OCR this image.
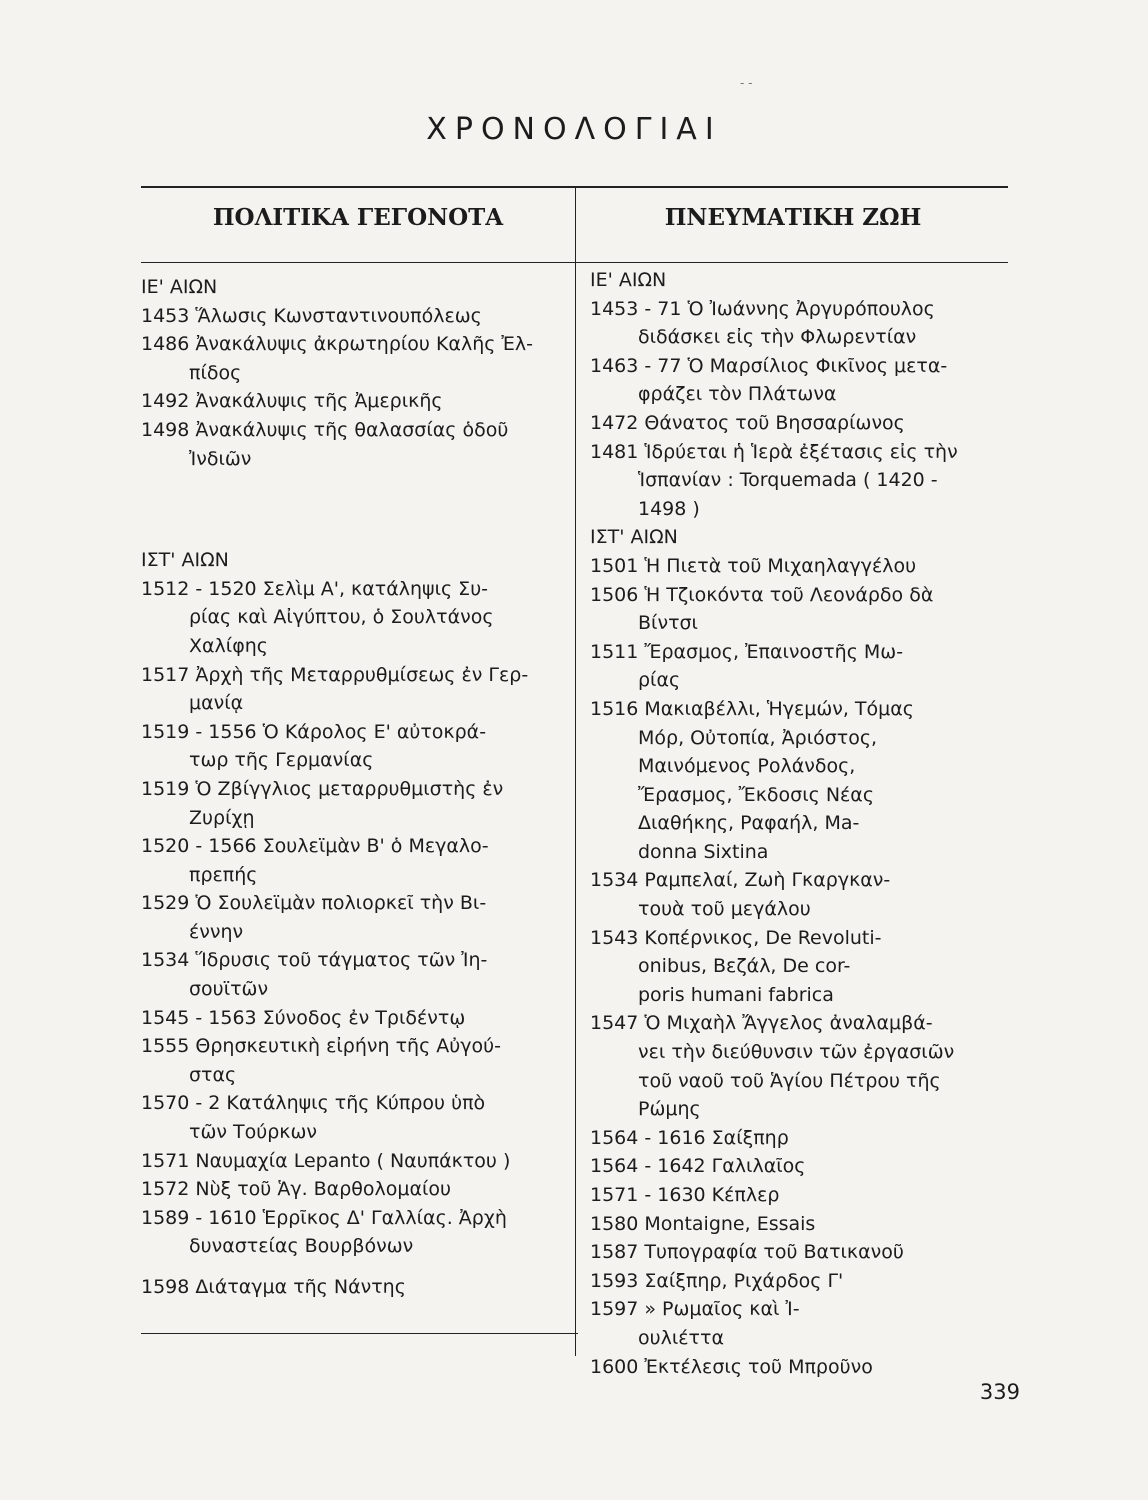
- -
ΧΡΟΝΟΛΟΓΙΑΙ
ΠΟΛΙΤΙΚΑ ΓΕΓΟΝΟΤΑ	ΠΝΕΥΜΑΤΙΚΗ ΖΩΗ
ΙΕ' ΑΙΩΝ
1453 Ἅλωσις Κωνσταντινουπόλεως
1486 Ἀνακάλυψις ἀκρωτηρίου Καλῆς Ἐλ-
πίδος
1492 Ἀνακάλυψις τῆς Ἀμερικῆς
1498 Ἀνακάλυψις τῆς θαλασσίας ὁδοῦ
Ἰνδιῶν
ΙΣΤ' ΑΙΩΝ
1512 - 1520 Σελὶμ Α', κατάληψις Συ-
ρίας καὶ Αἰγύπτου, ὁ Σουλτάνος
Χαλίφης
1517 Ἀρχὴ τῆς Μεταρρυθμίσεως ἐν Γερ-
μανίᾳ
1519 - 1556 Ὁ Κάρολος Ε' αὐτοκρά-
τωρ τῆς Γερμανίας
1519 Ὁ Ζβίγγλιος μεταρρυθμιστὴς ἐν
Ζυρίχῃ
1520 - 1566 Σουλεϊμὰν Β' ὁ Μεγαλο-
πρεπής
1529 Ὁ Σουλεϊμὰν πολιορκεῖ τὴν Βι-
έννην
1534 Ἵδρυσις τοῦ τάγματος τῶν Ἰη-
σουϊτῶν
1545 - 1563 Σύνοδος ἐν Τριδέντῳ
1555 Θρησκευτικὴ εἰρήνη τῆς Αὐγού-
στας
1570 - 2 Κατάληψις τῆς Κύπρου ὑπὸ
τῶν Τούρκων
1571 Ναυμαχία Lepanto ( Ναυπάκτου )
1572 Νὺξ τοῦ Ἁγ. Βαρθολομαίου
1589 - 1610 Ἑρρῖκος Δ' Γαλλίας. Ἀρχὴ
δυναστείας Βουρβόνων
1598 Διάταγμα τῆς Νάντης
ΙΕ' ΑΙΩΝ
1453 - 71 Ὁ Ἰωάννης Ἀργυρόπουλος
διδάσκει εἰς τὴν Φλωρεντίαν
1463 - 77 Ὁ Μαρσίλιος Φικῖνος μετα-
φράζει τὸν Πλάτωνα
1472 Θάνατος τοῦ Βησσαρίωνος
1481 Ἱδρύεται ἡ Ἱερὰ ἐξέτασις εἰς τὴν
Ἱσπανίαν : Torquemada ( 1420 -
1498 )
ΙΣΤ' ΑΙΩΝ
1501 Ἡ Πιετὰ τοῦ Μιχαηλαγγέλου
1506 Ἡ Τζιοκόντα τοῦ Λεονάρδο δὰ
Βίντσι
1511 Ἔρασμος, Ἐπαινοστῆς Μω-
ρίας
1516 Μακιαβέλλι, Ἡγεμών, Τόμας
Μόρ, Οὐτοπία, Ἀριόστος,
Μαινόμενος Ρολάνδος,
Ἔρασμος, Ἔκδοσις Νέας
Διαθήκης, Ραφαήλ, Ma-
donna Sixtina
1534 Ραμπελαί, Ζωὴ Γκαργκαν-
τουὰ τοῦ μεγάλου
1543 Κοπέρνικος, De Revoluti-
onibus, Βεζάλ, De cor-
poris humani fabrica
1547 Ὁ Μιχαὴλ Ἄγγελος ἀναλαμβά-
νει τὴν διεύθυνσιν τῶν ἐργασιῶν
τοῦ ναοῦ τοῦ Ἁγίου Πέτρου τῆς
Ρώμης
1564 - 1616 Σαίξπηρ
1564 - 1642 Γαλιλαῖος
1571 - 1630 Κέπλερ
1580 Montaigne, Essais
1587 Τυπογραφία τοῦ Βατικανοῦ
1593 Σαίξπηρ, Ριχάρδος Γ'
1597 » Ρωμαῖος καὶ Ἰ-
ουλιέττα
1600 Ἐκτέλεσις τοῦ Μπροῦνο
339
